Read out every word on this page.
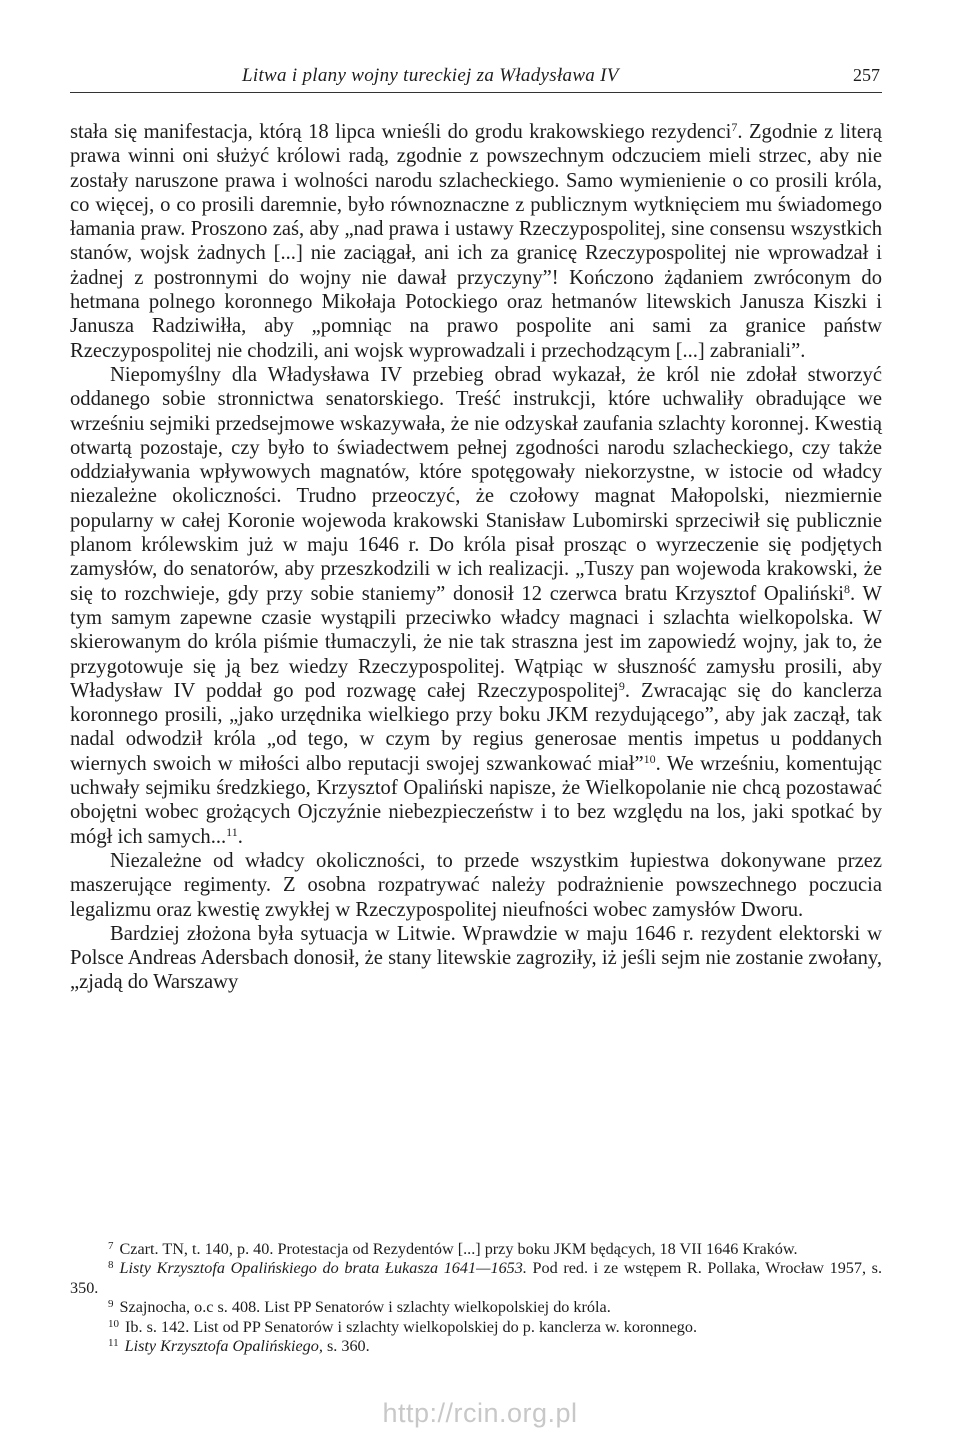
Litwa i plany wojny tureckiej za Władysława IV	257

stała się manifestacja, którą 18 lipca wnieśli do grodu krakowskiego rezydenci$^7$. Zgodnie z literą prawa winni oni służyć królowi radą, zgodnie z powszechnym odczuciem mieli strzec, aby nie zostały naruszone prawa i wolności narodu szlacheckiego. Samo wymienienie o co prosili króla, co więcej, o co prosili daremnie, było równoznaczne z publicznym wytknięciem mu świadomego łamania praw. Proszono zaś, aby „nad prawa i ustawy Rzeczypospolitej, sine consensu wszystkich stanów, wojsk żadnych [...] nie zaciągał, ani ich za granicę Rzeczypospolitej nie wprowadzał i żadnej z postronnymi do wojny nie dawał przyczyny”! Kończono żądaniem zwróconym do hetmana polnego koronnego Mikołaja Potockiego oraz hetmanów litewskich Janusza Kiszki i Janusza Radziwiłła, aby „pomniąc na prawo pospolite ani sami za granice państw Rzeczypospolitej nie chodzili, ani wojsk wyprowadzali i przechodzącym [...] zabraniali”.

Niepomyślny dla Władysława IV przebieg obrad wykazał, że król nie zdołał stworzyć oddanego sobie stronnictwa senatorskiego. Treść instrukcji, które uchwaliły obradujące we wrześniu sejmiki przedsejmowe wskazywała, że nie odzyskał zaufania szlachty koronnej. Kwestią otwartą pozostaje, czy było to świadectwem pełnej zgodności narodu szlacheckiego, czy także oddziaływania wpływowych magnatów, które spotęgowały niekorzystne, w istocie od władcy niezależne okoliczności. Trudno przeoczyć, że czołowy magnat Małopolski, niezmiernie popularny w całej Koronie wojewoda krakowski Stanisław Lubomirski sprzeciwił się publicznie planom królewskim już w maju 1646 r. Do króla pisał prosząc o wyrzeczenie się podjętych zamysłów, do senatorów, aby przeszkodzili w ich realizacji. „Tuszy pan wojewoda krakowski, że się to rozchwieje, gdy przy sobie staniemy” donosił 12 czerwca bratu Krzysztof Opaliński$^8$. W tym samym zapewne czasie wystąpili przeciwko władcy magnaci i szlachta wielkopolska. W skierowanym do króla piśmie tłumaczyli, że nie tak straszna jest im zapowiedź wojny, jak to, że przygotowuje się ją bez wiedzy Rzeczypospolitej. Wątpiąc w słuszność zamysłu prosili, aby Władysław IV poddał go pod rozwagę całej Rzeczypospolitej$^9$. Zwracając się do kanclerza koronnego prosili, „jako urzędnika wielkiego przy boku JKM rezydującego”, aby jak zaczął, tak nadal odwodził króla „od tego, w czym by regius generosae mentis impetus u poddanych wiernych swoich w miłości albo reputacji swojej szwankować miał”$^{10}$. We wrześniu, komentując uchwały sejmiku średzkiego, Krzysztof Opaliński napisze, że Wielkopolanie nie chcą pozostawać obojętni wobec grożących Ojczyźnie niebezpieczeństw i to bez względu na los, jaki spotkać by mógł ich samych...$^{11}$.

Niezależne od władcy okoliczności, to przede wszystkim łupiestwa dokonywane przez maszerujące regimenty. Z osobna rozpatrywać należy podrażnienie powszechnego poczucia legalizmu oraz kwestię zwykłej w Rzeczypospolitej nieufności wobec zamysłów Dworu.

Bardziej złożona była sytuacja w Litwie. Wprawdzie w maju 1646 r. rezydent elektorski w Polsce Andreas Adersbach donosił, że stany litewskie zagroziły, iż jeśli sejm nie zostanie zwołany, „zjadą do Warszawy

$^7$ Czart. TN, t. 140, p. 40. Protestacja od Rezydentów [...] przy boku JKM będących, 18 VII 1646 Kraków.

$^8$ Listy Krzysztofa Opalińskiego do brata Łukasza 1641—1653. Pod red. i ze wstępem R. Pollaka, Wrocław 1957, s. 350.

$^9$ Szajnocha, o.c s. 408. List PP Senatorów i szlachty wielkopolskiej do króla.

$^{10}$ Ib. s. 142. List od PP Senatorów i szlachty wielkopolskiej do p. kanclerza w. koronnego.

$^{11}$ Listy Krzysztofa Opalińskiego, s. 360.

http://rcin.org.pl
